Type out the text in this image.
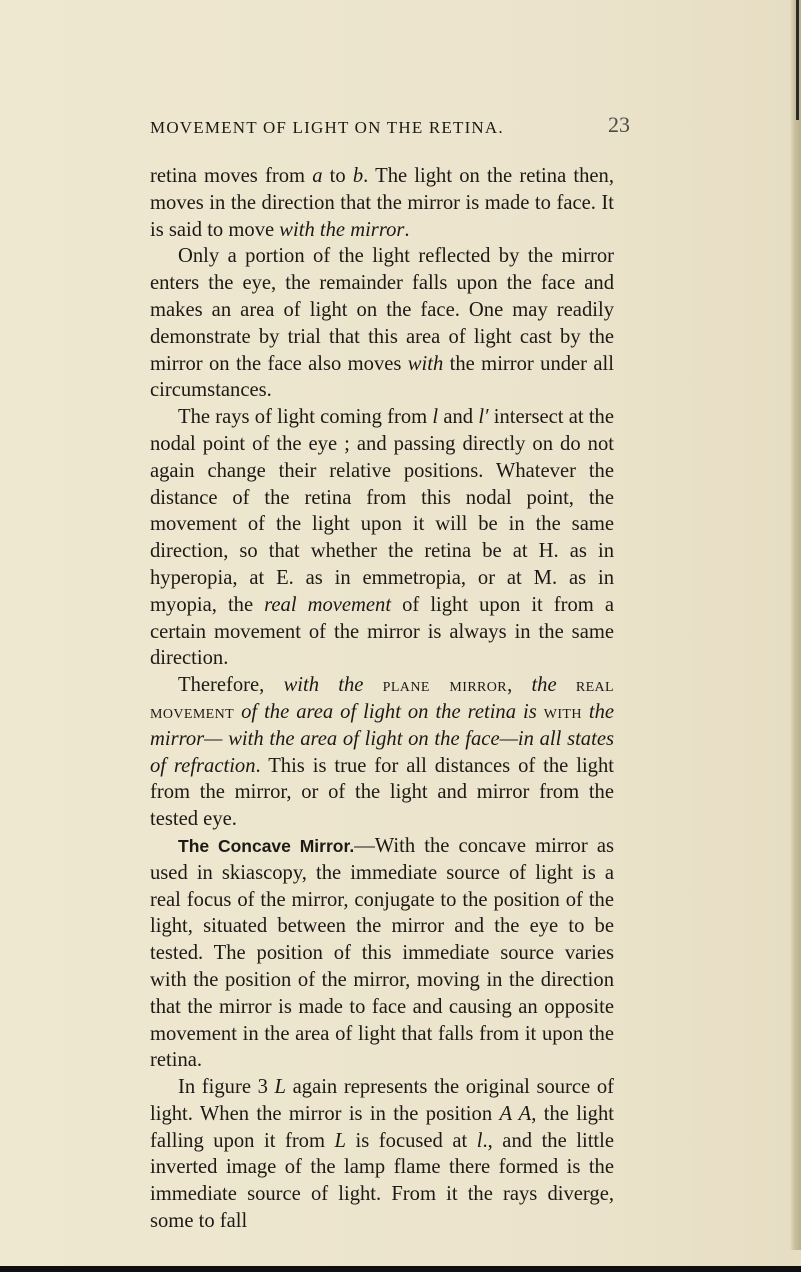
MOVEMENT OF LIGHT ON THE RETINA.	23

retina moves from a to b. The light on the retina then, moves in the direction that the mirror is made to face. It is said to move with the mirror.

Only a portion of the light reflected by the mirror enters the eye, the remainder falls upon the face and makes an area of light on the face. One may readily demonstrate by trial that this area of light cast by the mirror on the face also moves with the mirror under all circumstances.

The rays of light coming from l and l′ intersect at the nodal point of the eye ; and passing directly on do not again change their relative positions. Whatever the distance of the retina from this nodal point, the movement of the light upon it will be in the same direction, so that whether the retina be at H. as in hyperopia, at E. as in emmetropia, or at M. as in myopia, the real movement of light upon it from a certain movement of the mirror is always in the same direction.

Therefore, with the plane mirror, the real movement of the area of light on the retina is with the mirror— with the area of light on the face—in all states of refraction. This is true for all distances of the light from the mirror, or of the light and mirror from the tested eye.

The Concave Mirror.—With the concave mirror as used in skiascopy, the immediate source of light is a real focus of the mirror, conjugate to the position of the light, situated between the mirror and the eye to be tested. The position of this immediate source varies with the position of the mirror, moving in the direction that the mirror is made to face and causing an opposite movement in the area of light that falls from it upon the retina.

In figure 3 L again represents the original source of light. When the mirror is in the position A A, the light falling upon it from L is focused at l., and the little inverted image of the lamp flame there formed is the immediate source of light. From it the rays diverge, some to fall
